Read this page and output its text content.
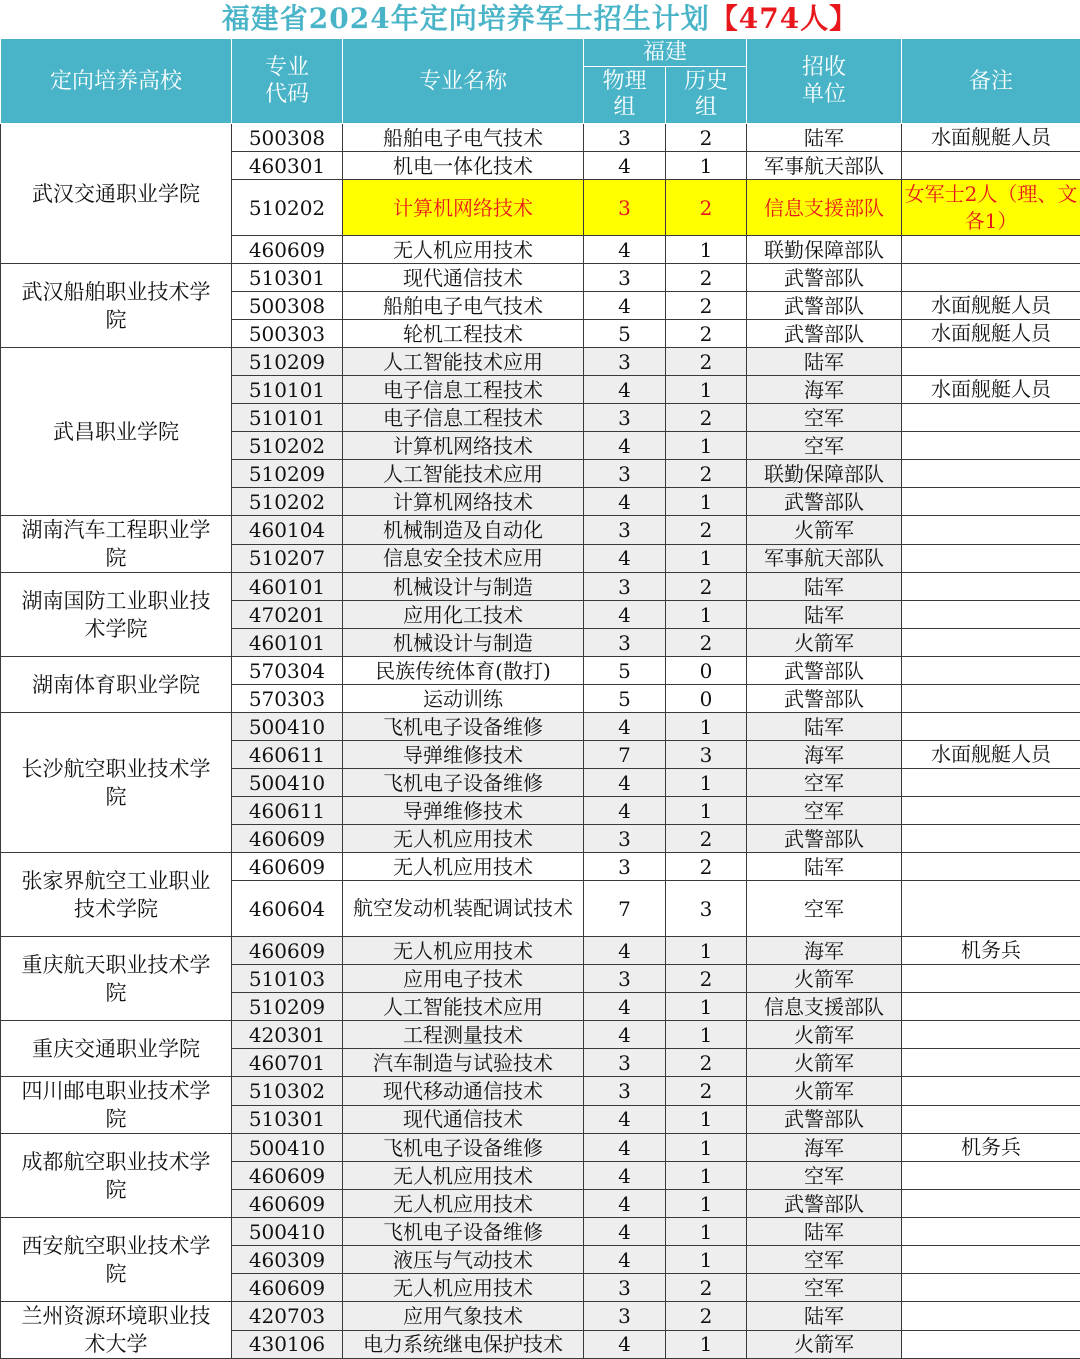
福建省2024年定向培养军士招生计划【474人】
定向培养高校	专业代码	专业名称	福建		招收单位	备注
			物理组	历史组		
武汉交通职业学院	500308	船舶电子电气技术	3	2	陆军	水面舰艇人员
	460301	机电一体化技术	4	1	军事航天部队	
	510202	计算机网络技术	3	2	信息支援部队	女军士2人（理、文各1）
	460609	无人机应用技术	4	1	联勤保障部队	
武汉船舶职业技术学院	510301	现代通信技术	3	2	武警部队	
	500308	船舶电子电气技术	4	2	武警部队	水面舰艇人员
	500303	轮机工程技术	5	2	武警部队	水面舰艇人员
武昌职业学院	510209	人工智能技术应用	3	2	陆军	
	510101	电子信息工程技术	4	1	海军	水面舰艇人员
	510101	电子信息工程技术	3	2	空军	
	510202	计算机网络技术	4	1	空军	
	510209	人工智能技术应用	3	2	联勤保障部队	
	510202	计算机网络技术	4	1	武警部队	
湖南汽车工程职业学院	460104	机械制造及自动化	3	2	火箭军	
	510207	信息安全技术应用	4	1	军事航天部队	
湖南国防工业职业技术学院	460101	机械设计与制造	3	2	陆军	
	470201	应用化工技术	4	1	陆军	
	460101	机械设计与制造	3	2	火箭军	
湖南体育职业学院	570304	民族传统体育(散打)	5	0	武警部队	
	570303	运动训练	5	0	武警部队	
长沙航空职业技术学院	500410	飞机电子设备维修	4	1	陆军	
	460611	导弹维修技术	7	3	海军	水面舰艇人员
	500410	飞机电子设备维修	4	1	空军	
	460611	导弹维修技术	4	1	空军	
	460609	无人机应用技术	3	2	武警部队	
张家界航空工业职业技术学院	460609	无人机应用技术	3	2	陆军	
	460604	航空发动机装配调试技术	7	3	空军	
重庆航天职业技术学院	460609	无人机应用技术	4	1	海军	机务兵
	510103	应用电子技术	3	2	火箭军	
	510209	人工智能技术应用	4	1	信息支援部队	
重庆交通职业学院	420301	工程测量技术	4	1	火箭军	
	460701	汽车制造与试验技术	3	2	火箭军	
四川邮电职业技术学院	510302	现代移动通信技术	3	2	火箭军	
	510301	现代通信技术	4	1	武警部队	
成都航空职业技术学院	500410	飞机电子设备维修	4	1	海军	机务兵
	460609	无人机应用技术	4	1	空军	
	460609	无人机应用技术	4	1	武警部队	
西安航空职业技术学院	500410	飞机电子设备维修	4	1	陆军	
	460309	液压与气动技术	4	1	空军	
	460609	无人机应用技术	3	2	空军	
兰州资源环境职业技术大学	420703	应用气象技术	3	2	陆军	
	430106	电力系统继电保护技术	4	1	火箭军	
